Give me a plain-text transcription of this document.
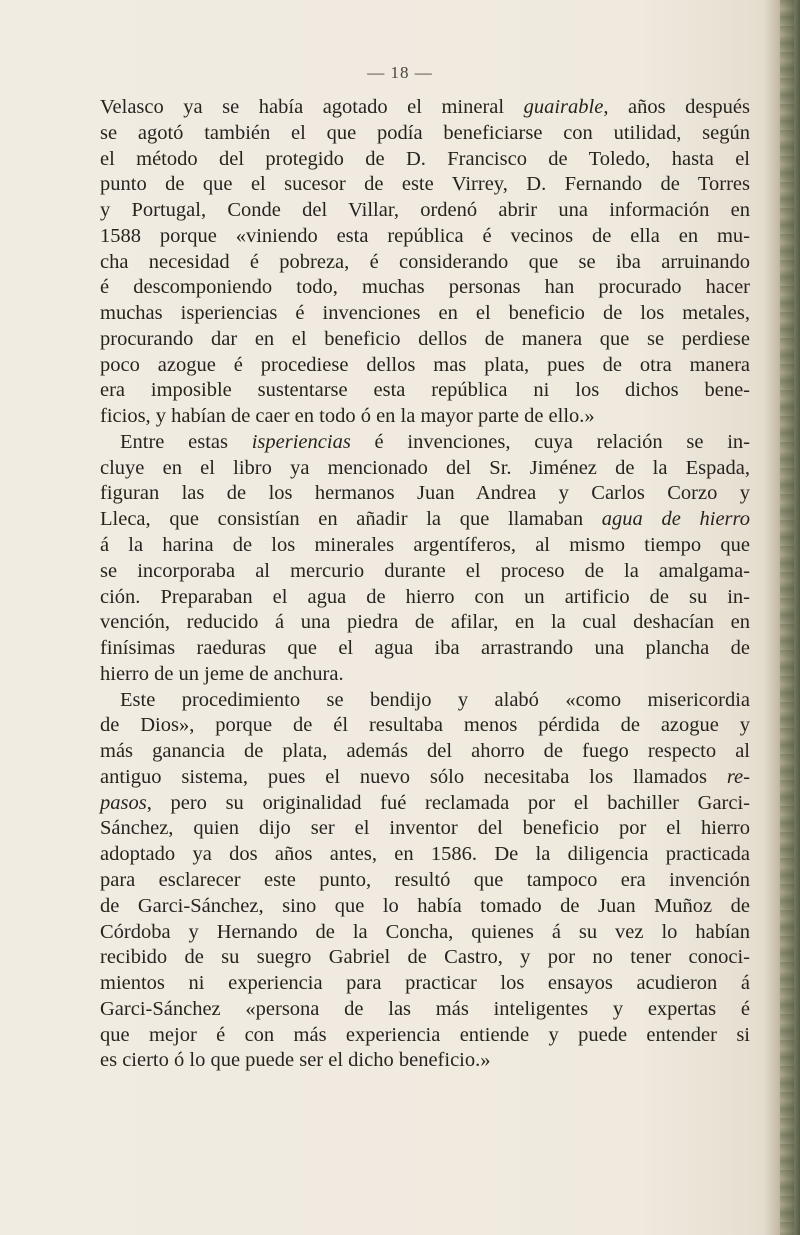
— 18 —
Velasco ya se había agotado el mineral guairable, años después
se agotó también el que podía beneficiarse con utilidad, según
el método del protegido de D. Francisco de Toledo, hasta el
punto de que el sucesor de este Virrey, D. Fernando de Torres
y Portugal, Conde del Villar, ordenó abrir una información en
1588 porque «viniendo esta república é vecinos de ella en mu-
cha necesidad é pobreza, é considerando que se iba arruinando
é descomponiendo todo, muchas personas han procurado hacer
muchas isperiencias é invenciones en el beneficio de los metales,
procurando dar en el beneficio dellos de manera que se perdiese
poco azogue é procediese dellos mas plata, pues de otra manera
era imposible sustentarse esta república ni los dichos bene-
ficios, y habían de caer en todo ó en la mayor parte de ello.»
Entre estas isperiencias é invenciones, cuya relación se in-
cluye en el libro ya mencionado del Sr. Jiménez de la Espada,
figuran las de los hermanos Juan Andrea y Carlos Corzo y
Lleca, que consistían en añadir la que llamaban agua de hierro
á la harina de los minerales argentíferos, al mismo tiempo que
se incorporaba al mercurio durante el proceso de la amalgama-
ción. Preparaban el agua de hierro con un artificio de su in-
vención, reducido á una piedra de afilar, en la cual deshacían en
finísimas raeduras que el agua iba arrastrando una plancha de
hierro de un jeme de anchura.
Este procedimiento se bendijo y alabó «como misericordia
de Dios», porque de él resultaba menos pérdida de azogue y
más ganancia de plata, además del ahorro de fuego respecto al
antiguo sistema, pues el nuevo sólo necesitaba los llamados re-
pasos, pero su originalidad fué reclamada por el bachiller Garci-
Sánchez, quien dijo ser el inventor del beneficio por el hierro
adoptado ya dos años antes, en 1586. De la diligencia practicada
para esclarecer este punto, resultó que tampoco era invención
de Garci-Sánchez, sino que lo había tomado de Juan Muñoz de
Córdoba y Hernando de la Concha, quienes á su vez lo habían
recibido de su suegro Gabriel de Castro, y por no tener conoci-
mientos ni experiencia para practicar los ensayos acudieron á
Garci-Sánchez «persona de las más inteligentes y expertas é
que mejor é con más experiencia entiende y puede entender si
es cierto ó lo que puede ser el dicho beneficio.»
